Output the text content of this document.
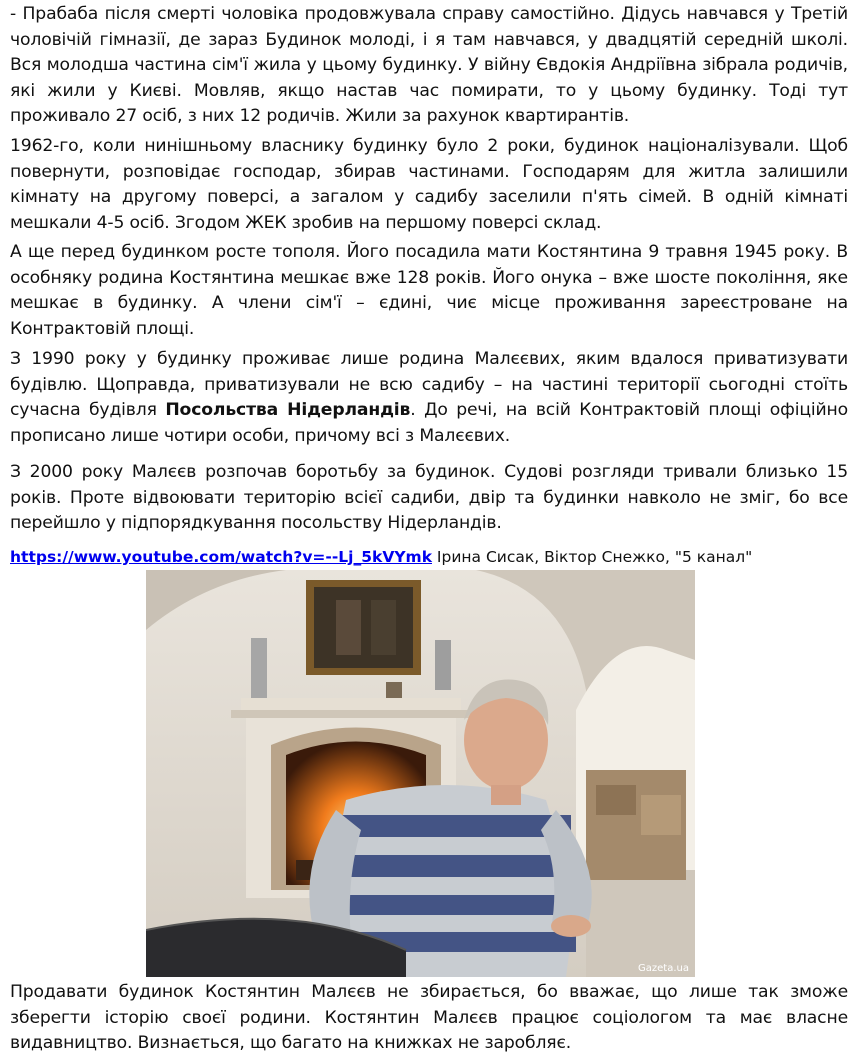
- Прабаба після смерті чоловіка продовжувала справу самостійно. Дідусь навчався у Третій чоловічій гімназії, де зараз Будинок молоді, і я там навчався, у двадцятій середній школі. Вся молодша частина сім'ї жила у цьому будинку. У війну Євдокія Андріївна зібрала родичів, які жили у Києві. Мовляв, якщо настав час помирати, то у цьому будинку. Тоді тут проживало 27 осіб, з них 12 родичів. Жили за рахунок квартирантів.

1962-го, коли нинішньому власнику будинку було 2 роки, будинок націоналізували. Щоб повернути, розповідає господар, збирав частинами. Господарям для житла залишили кімнату на другому поверсі, а загалом у садибу заселили п'ять сімей. В одній кімнаті мешкали 4-5 осіб. Згодом ЖЕК зробив на першому поверсі склад.

А ще перед будинком росте тополя. Його посадила мати Костянтина 9 травня 1945 року. В особняку родина Костянтина мешкає вже 128 років. Його онука – вже шосте покоління, яке мешкає в будинку. А члени сім'ї – єдині, чиє місце проживання зареєстроване на Контрактовій площі.

З 1990 року у будинку проживає лише родина Малєєвих, яким вдалося приватизувати будівлю. Щоправда, приватизували не всю садибу – на частині території сьогодні стоїть сучасна будівля Посольства Нідерландів. До речі, на всій Контрактовій площі офіційно прописано лише чотири особи, причому всі з Малєєвих.

З 2000 року Малєєв розпочав боротьбу за будинок. Судові розгляди тривали близько 15 років. Проте відвоювати територію всієї садиби, двір та будинки навколо не зміг, бо все перейшло у підпорядкування посольству Нідерландів.

https://www.youtube.com/watch?v=--Lj_5kVYmk Ірина Сисак, Віктор Снежко, "5 канал"

Продавати будинок Костянтин Малєєв не збирається, бо вважає, що лише так зможе зберегти історію своєї родини. Костянтин Малєєв працює соціологом та має власне видавництво. Визнається, що багато на книжках не заробляє.

Gazeta.ua
